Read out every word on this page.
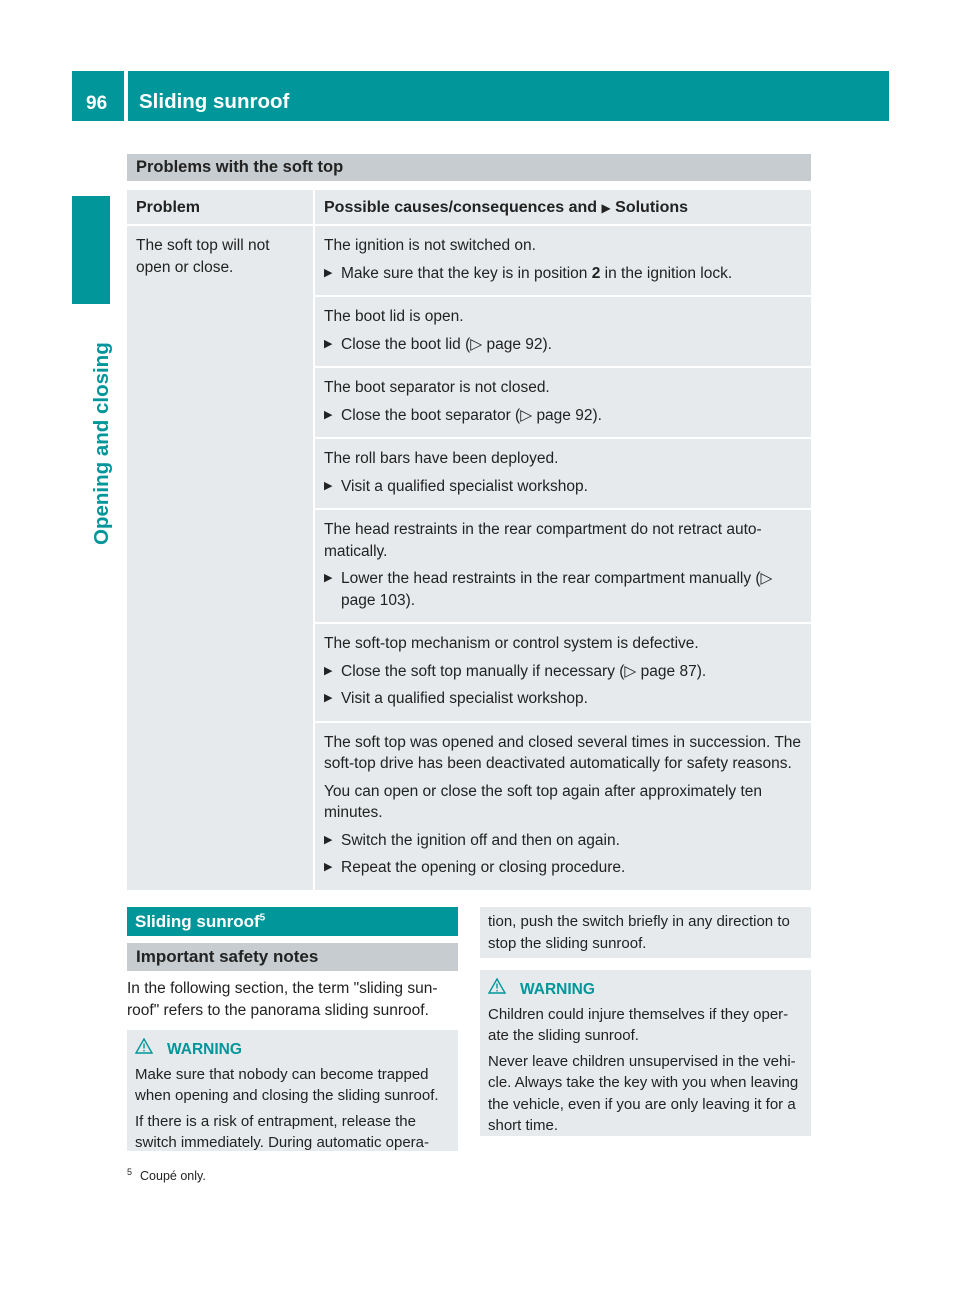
96 Sliding sunroof
Opening and closing
Problems with the soft top
Problem	Possible causes/consequences and ▶ Solutions
The soft top will not open or close.

The ignition is not switched on.

▶ Make sure that the key is in position 2 in the ignition lock.

The boot lid is open.

▶ Close the boot lid (▷ page 92).

The boot separator is not closed.

▶ Close the boot separator (▷ page 92).

The roll bars have been deployed.

▶ Visit a qualified specialist workshop.

The head restraints in the rear compartment do not retract auto-matically.

▶ Lower the head restraints in the rear compartment manually (▷ page 103).

The soft-top mechanism or control system is defective.

▶ Close the soft top manually if necessary (▷ page 87).
▶ Visit a qualified specialist workshop.

The soft top was opened and closed several times in succession. The soft-top drive has been deactivated automatically for safety reasons.

You can open or close the soft top again after approximately ten minutes.

▶ Switch the ignition off and then on again.
▶ Repeat the opening or closing procedure.
Sliding sunroof$^5$
Important safety notes

In the following section, the term "sliding sun-roof" refers to the panorama sliding sunroof.

WARNING

Make sure that nobody can become trapped when opening and closing the sliding sunroof.

If there is a risk of entrapment, release the switch immediately. During automatic opera-

tion, push the switch briefly in any direction to stop the sliding sunroof.
WARNING

Children could injure themselves if they oper-ate the sliding sunroof.

Never leave children unsupervised in the vehi-cle. Always take the key with you when leaving the vehicle, even if you are only leaving it for a short time.

$^5$ Coupé only.
